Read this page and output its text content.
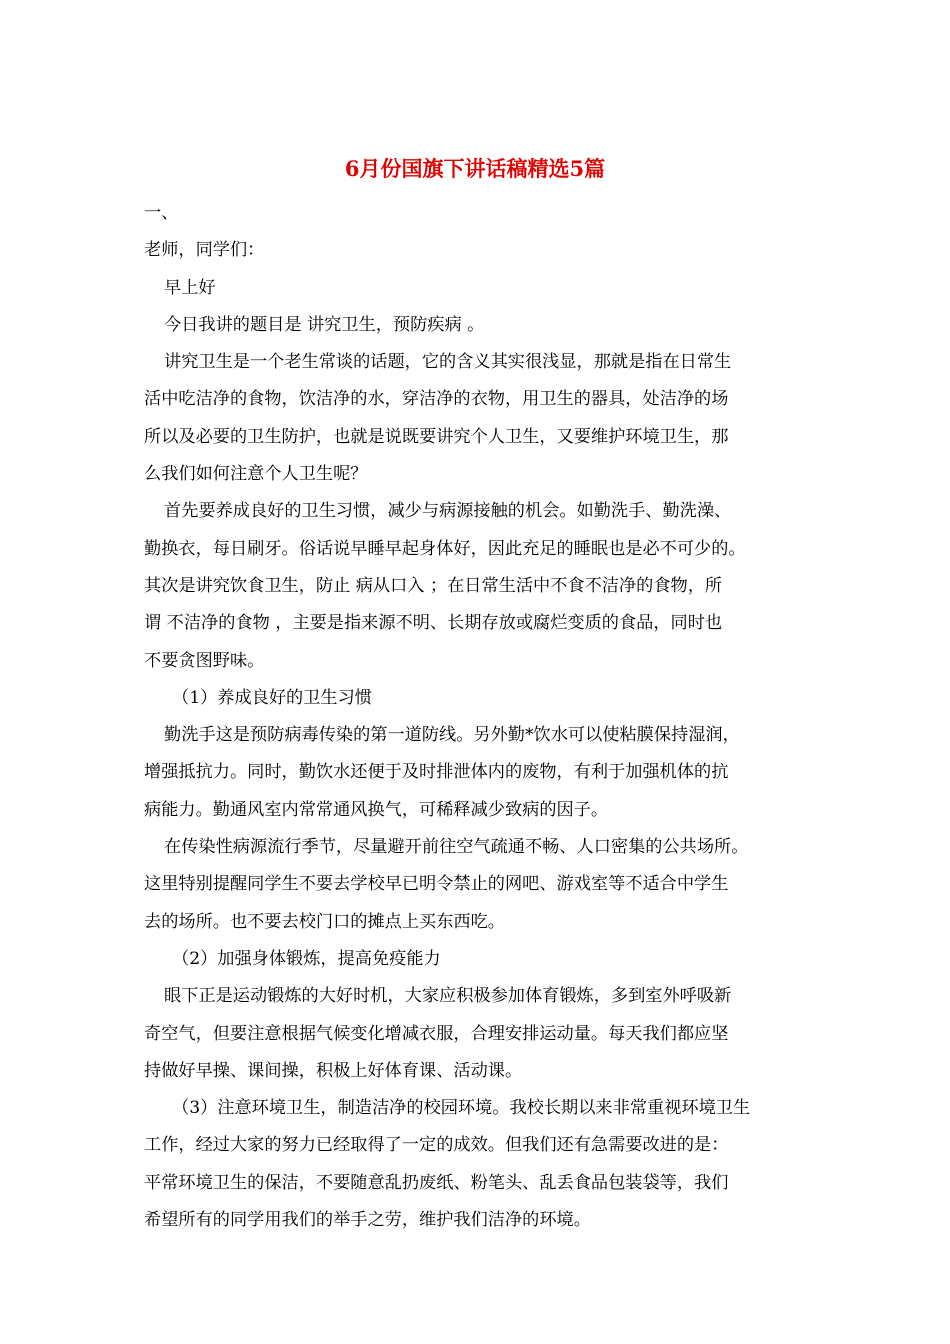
6月份国旗下讲话稿精选5篇
一、
老师，同学们：
早上好
今日我讲的题目是 讲究卫生，预防疾病 。
讲究卫生是一个老生常谈的话题，它的含义其实很浅显，那就是指在日常生
活中吃洁净的食物，饮洁净的水，穿洁净的衣物，用卫生的器具，处洁净的场
所以及必要的卫生防护，也就是说既要讲究个人卫生，又要维护环境卫生，那
么我们如何注意个人卫生呢？
首先要养成良好的卫生习惯，减少与病源接触的机会。如勤洗手、勤洗澡、
勤换衣，每日刷牙。俗话说早睡早起身体好，因此充足的睡眠也是必不可少的。
其次是讲究饮食卫生，防止 病从口入 ；在日常生活中不食不洁净的食物，所
谓 不洁净的食物 ，主要是指来源不明、长期存放或腐烂变质的食品，同时也
不要贪图野味。
（1）养成良好的卫生习惯
勤洗手这是预防病毒传染的第一道防线。另外勤*饮水可以使粘膜保持湿润，
增强抵抗力。同时，勤饮水还便于及时排泄体内的废物，有利于加强机体的抗
病能力。勤通风室内常常通风换气，可稀释减少致病的因子。
在传染性病源流行季节，尽量避开前往空气疏通不畅、人口密集的公共场所。
这里特别提醒同学生不要去学校早已明令禁止的网吧、游戏室等不适合中学生
去的场所。也不要去校门口的摊点上买东西吃。
（2）加强身体锻炼，提高免疫能力
眼下正是运动锻炼的大好时机，大家应积极参加体育锻炼，多到室外呼吸新
奇空气，但要注意根据气候变化增减衣服，合理安排运动量。每天我们都应坚
持做好早操、课间操，积极上好体育课、活动课。
（3）注意环境卫生，制造洁净的校园环境。我校长期以来非常重视环境卫生
工作，经过大家的努力已经取得了一定的成效。但我们还有急需要改进的是：
平常环境卫生的保洁，不要随意乱扔废纸、粉笔头、乱丢食品包装袋等，我们
希望所有的同学用我们的举手之劳，维护我们洁净的环境。
